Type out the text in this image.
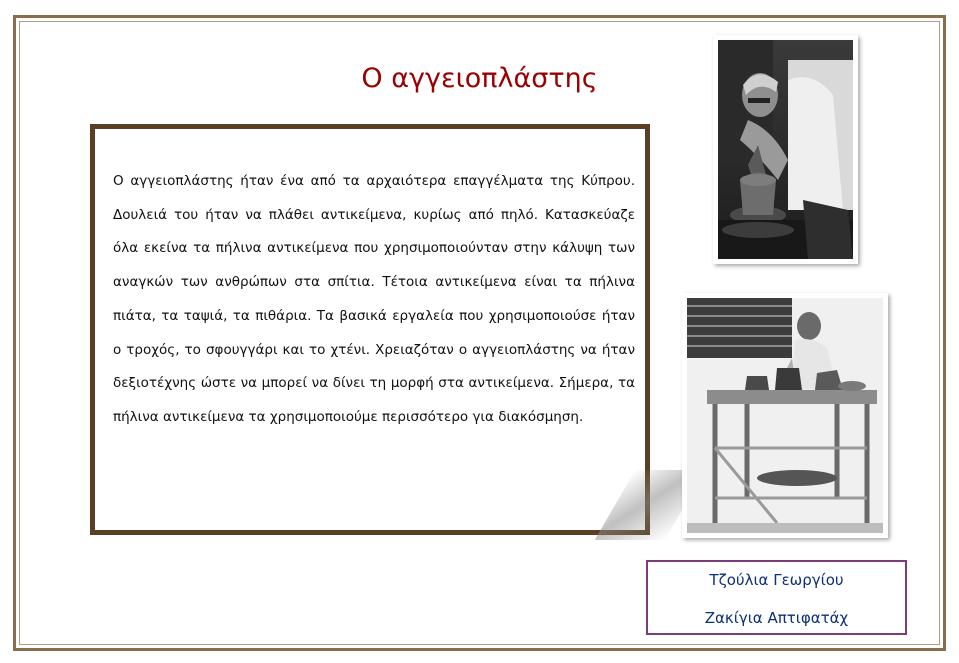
Ο αγγειοπλάστης

Ο αγγειοπλάστης ήταν ένα από τα αρχαιότερα επαγγέλματα της Κύπρου. Δουλειά του ήταν να πλάθει αντικείμενα, κυρίως από πηλό. Κατασκεύαζε όλα εκείνα τα πήλινα αντικείμενα που χρησιμοποιούνταν στην κάλυψη των αναγκών των ανθρώπων στα σπίτια. Τέτοια αντικείμενα είναι τα πήλινα πιάτα, τα ταψιά, τα πιθάρια. Τα βασικά εργαλεία που χρησιμοποιούσε ήταν ο τροχός, το σφουγγάρι και το χτένι. Χρειαζόταν ο αγγειοπλάστης να ήταν δεξιοτέχνης ώστε να μπορεί να δίνει τη μορφή στα αντικείμενα. Σήμερα, τα πήλινα αντικείμενα τα χρησιμοποιούμε περισσότερο για διακόσμηση.

Τζούλια Γεωργίου
Ζακίγια Απτιφατάχ
